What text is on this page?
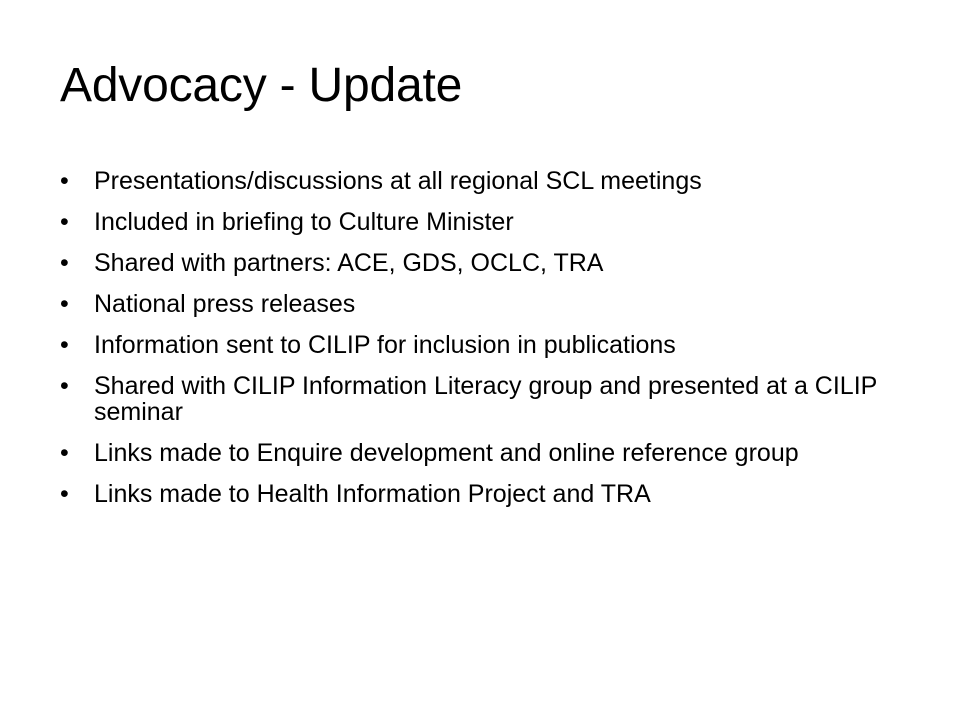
Advocacy - Update
• Presentations/discussions at all regional SCL meetings
• Included in briefing to Culture Minister
• Shared with partners: ACE, GDS, OCLC, TRA
• National press releases
• Information sent to CILIP for inclusion in publications
• Shared with CILIP Information Literacy group and presented at a CILIP seminar
• Links made to Enquire development and online reference group
• Links made to Health Information Project and TRA
